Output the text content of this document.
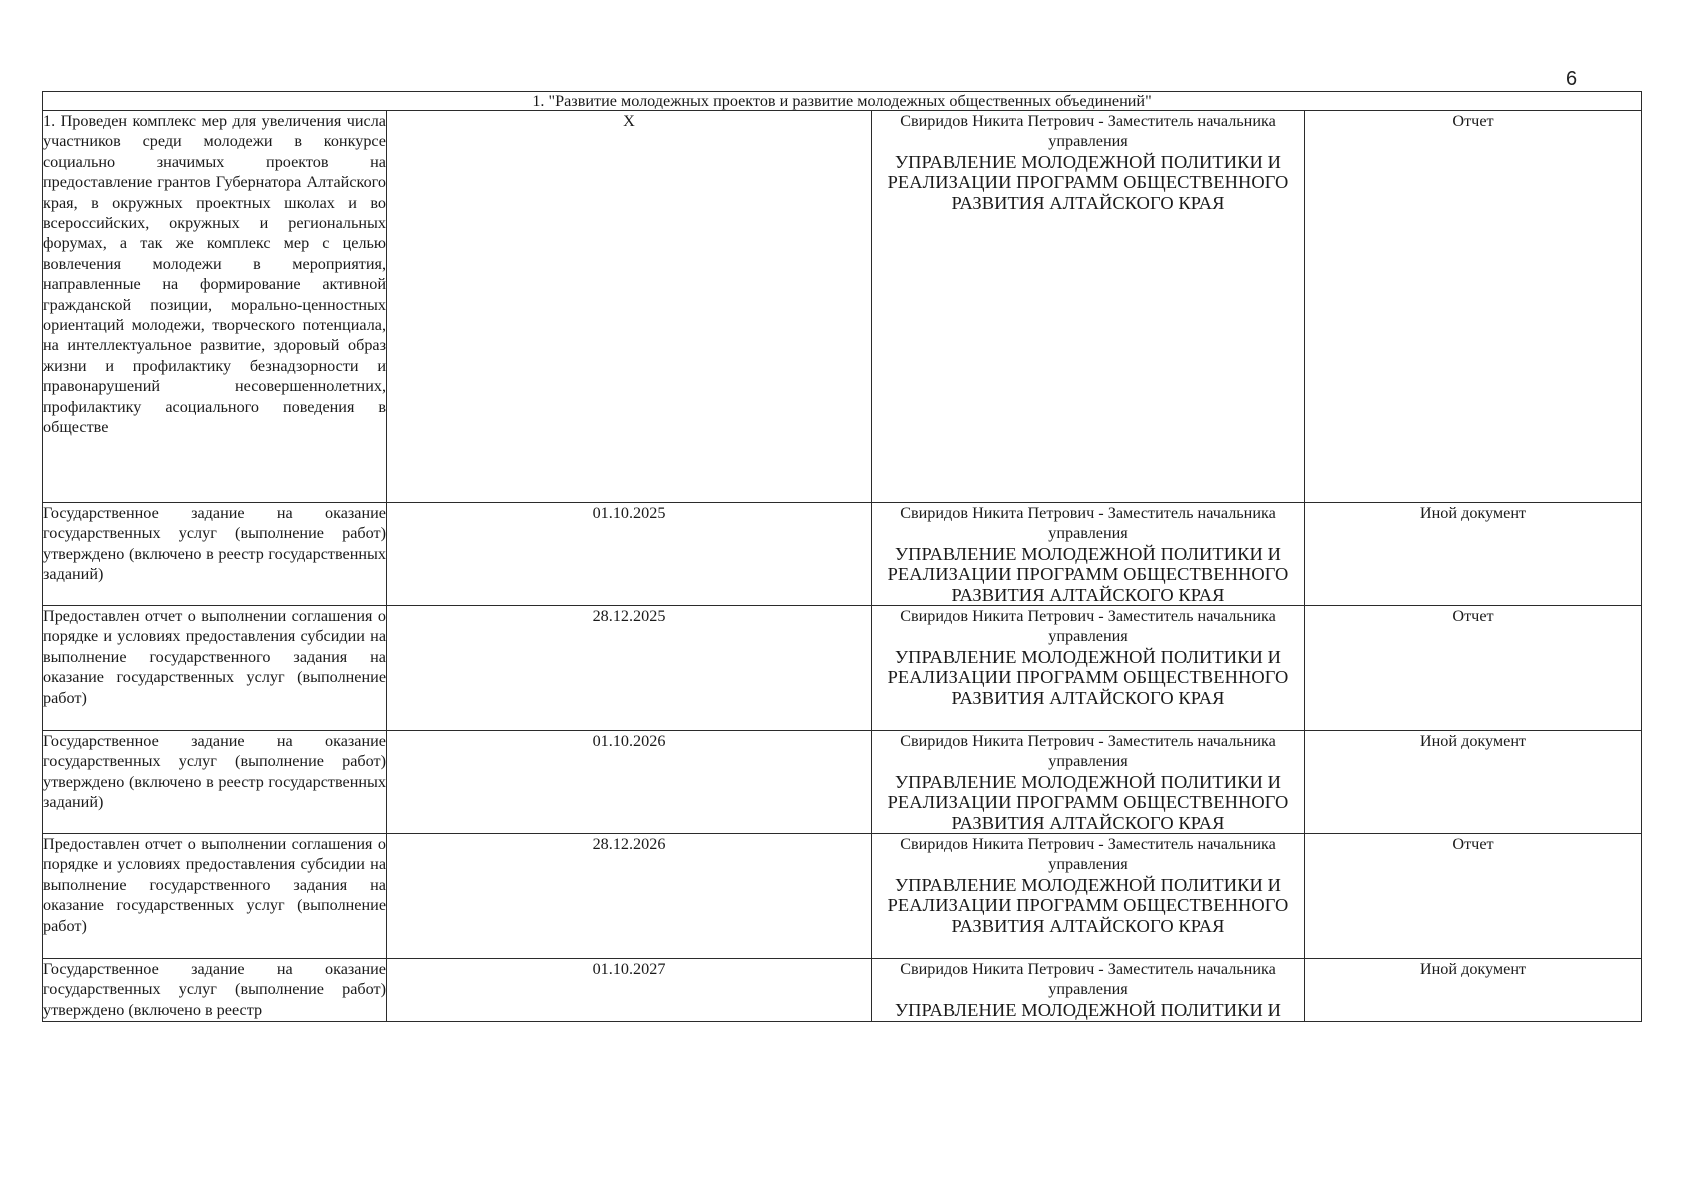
6
1. "Развитие молодежных проектов и развитие молодежных общественных объединений"			
1. Проведен комплекс мер для увеличения числа участников среди молодежи в конкурсе социально значимых проектов на предоставление грантов Губернатора Алтайского края, в окружных проектных школах и во всероссийских, окружных и региональных форумах, а так же комплекс мер с целью вовлечения молодежи в мероприятия, направленные на формирование активной гражданской позиции, морально-ценностных ориентаций молодежи, творческого потенциала, на интеллектуальное развитие, здоровый образ жизни и профилактику безнадзорности и правонарушений несовершеннолетних, профилактику асоциального поведения в обществе	X	Свиридов Никита Петрович - Заместитель начальника управления
УПРАВЛЕНИЕ МОЛОДЕЖНОЙ ПОЛИТИКИ И РЕАЛИЗАЦИИ ПРОГРАММ ОБЩЕСТВЕННОГО РАЗВИТИЯ АЛТАЙСКОГО КРАЯ	Отчет
Государственное задание на оказание государственных услуг (выполнение работ) утверждено (включено в реестр государственных заданий)	01.10.2025	Свиридов Никита Петрович - Заместитель начальника управления
УПРАВЛЕНИЕ МОЛОДЕЖНОЙ ПОЛИТИКИ И РЕАЛИЗАЦИИ ПРОГРАММ ОБЩЕСТВЕННОГО РАЗВИТИЯ АЛТАЙСКОГО КРАЯ	Иной документ
Предоставлен отчет о выполнении соглашения о порядке и условиях предоставления субсидии на выполнение государственного задания на оказание государственных услуг (выполнение работ)	28.12.2025	Свиридов Никита Петрович - Заместитель начальника управления
УПРАВЛЕНИЕ МОЛОДЕЖНОЙ ПОЛИТИКИ И РЕАЛИЗАЦИИ ПРОГРАММ ОБЩЕСТВЕННОГО РАЗВИТИЯ АЛТАЙСКОГО КРАЯ	Отчет
Государственное задание на оказание государственных услуг (выполнение работ) утверждено (включено в реестр государственных заданий)	01.10.2026	Свиридов Никита Петрович - Заместитель начальника управления
УПРАВЛЕНИЕ МОЛОДЕЖНОЙ ПОЛИТИКИ И РЕАЛИЗАЦИИ ПРОГРАММ ОБЩЕСТВЕННОГО РАЗВИТИЯ АЛТАЙСКОГО КРАЯ	Иной документ
Предоставлен отчет о выполнении соглашения о порядке и условиях предоставления субсидии на выполнение государственного задания на оказание государственных услуг (выполнение работ)	28.12.2026	Свиридов Никита Петрович - Заместитель начальника управления
УПРАВЛЕНИЕ МОЛОДЕЖНОЙ ПОЛИТИКИ И РЕАЛИЗАЦИИ ПРОГРАММ ОБЩЕСТВЕННОГО РАЗВИТИЯ АЛТАЙСКОГО КРАЯ	Отчет

Государственное задание на оказание государственных услуг (выполнение работ) утверждено (включено в реестр	01.10.2027	Свиридов Никита Петрович - Заместитель начальника управления
УПРАВЛЕНИЕ МОЛОДЕЖНОЙ ПОЛИТИКИ И	Иной документ
